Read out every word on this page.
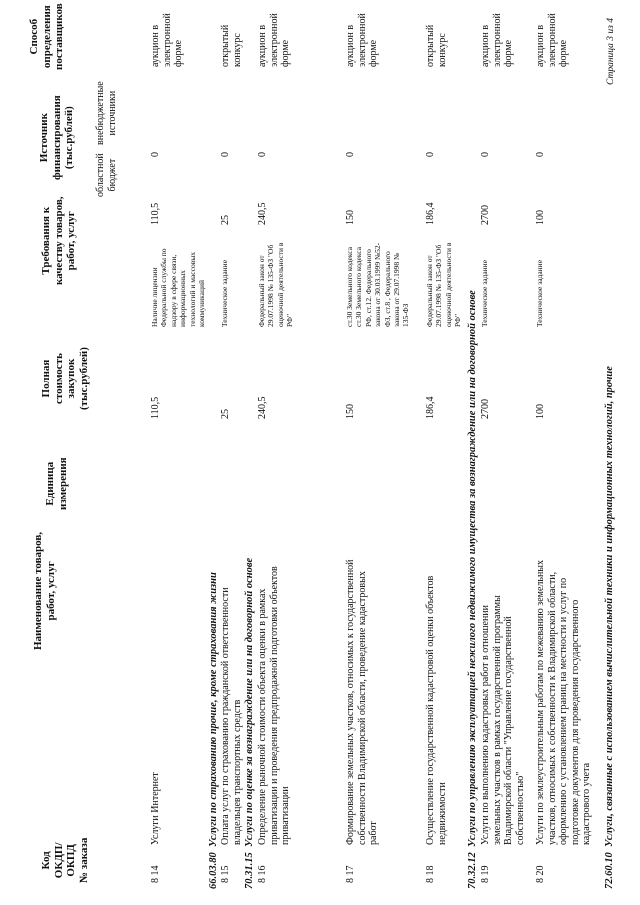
Код ОКДП/ ОКПД № заказа
Наименование товаров, работ, услуг
Единица измерения
Полная стоимость закупок (тыс.рублей)
Требования к качеству товаров, работ, услуг
Источник финансирования (тыс.рублей)
областной бюджет
внебюджетные источники
Способ определения поставщиков
8 14
Услуги Интернет
110,5
Наличие лицензии Федеральной службы по надзору в сфере связи, информационных технологий и массовых коммуникаций
110,5
0
аукцион в электронной форме
66.03.80  Услуги по страхованию прочие, кроме страхования жизни
8 15
Оплата услуг по страхованию гражданской ответственности владельцев транспортных средств
25
Техническое задание
25
0
открытый конкурс
70.31.15  Услуги по оценке за вознаграждение или на договорной основе
8 16
Определение рыночной стоимости объекта оценки в рамках приватизации и проведения предпродажной подготовки объектов приватизации
240,5
Федеральный закон от 29.07.1998 № 135-ФЗ "Об оценочной деятельности в РФ"
240,5
0
аукцион в электронной форме
8 17
Формирование земельных участков, относимых к государственной собственности Владимирской области, проведение кадастровых работ
150
ст.30 Земельного кодекса ст.30 Земельного кодекса РФ, ст.12. Федерального закона от 30.03.1999 №52- ФЗ, ст.8 , Федерального закона от 29.07.1998 № 135-ФЗ
150
0
аукцион в электронной форме
8 18
Осуществление государственной кадастровой оценки объектов недвижимости
186,4
Федеральный закон от 29.07.1998 № 135-ФЗ "Об оценочной деятельности в РФ"
186,4
0
открытый конкурс
70.32.12  Услуги по управлению эксплуатацией нежилого недвижимого имущества за вознаграждение или на договорной основе
8 19
Услуги по выполнению кадастровых работ в отношении земельных участков в рамках государственной программы Владимирской области "Управление государственной собственностью"
2700
Техническое задание
2700
0
аукцион в электронной форме
8 20
Услуги по землеустроительным работам по межеванию земельных участков, относимых к собственности к Владимирской области, оформлению с установлением границ на местности и услуг по подготовке документов для проведения государственного кадастрового учета
100
Техническое задание
100
0
аукцион в электронной форме
72.60.10  Услуги, связанные с использованием вычислительной техники и информационных технологий, прочие
Страница 3 из 4
